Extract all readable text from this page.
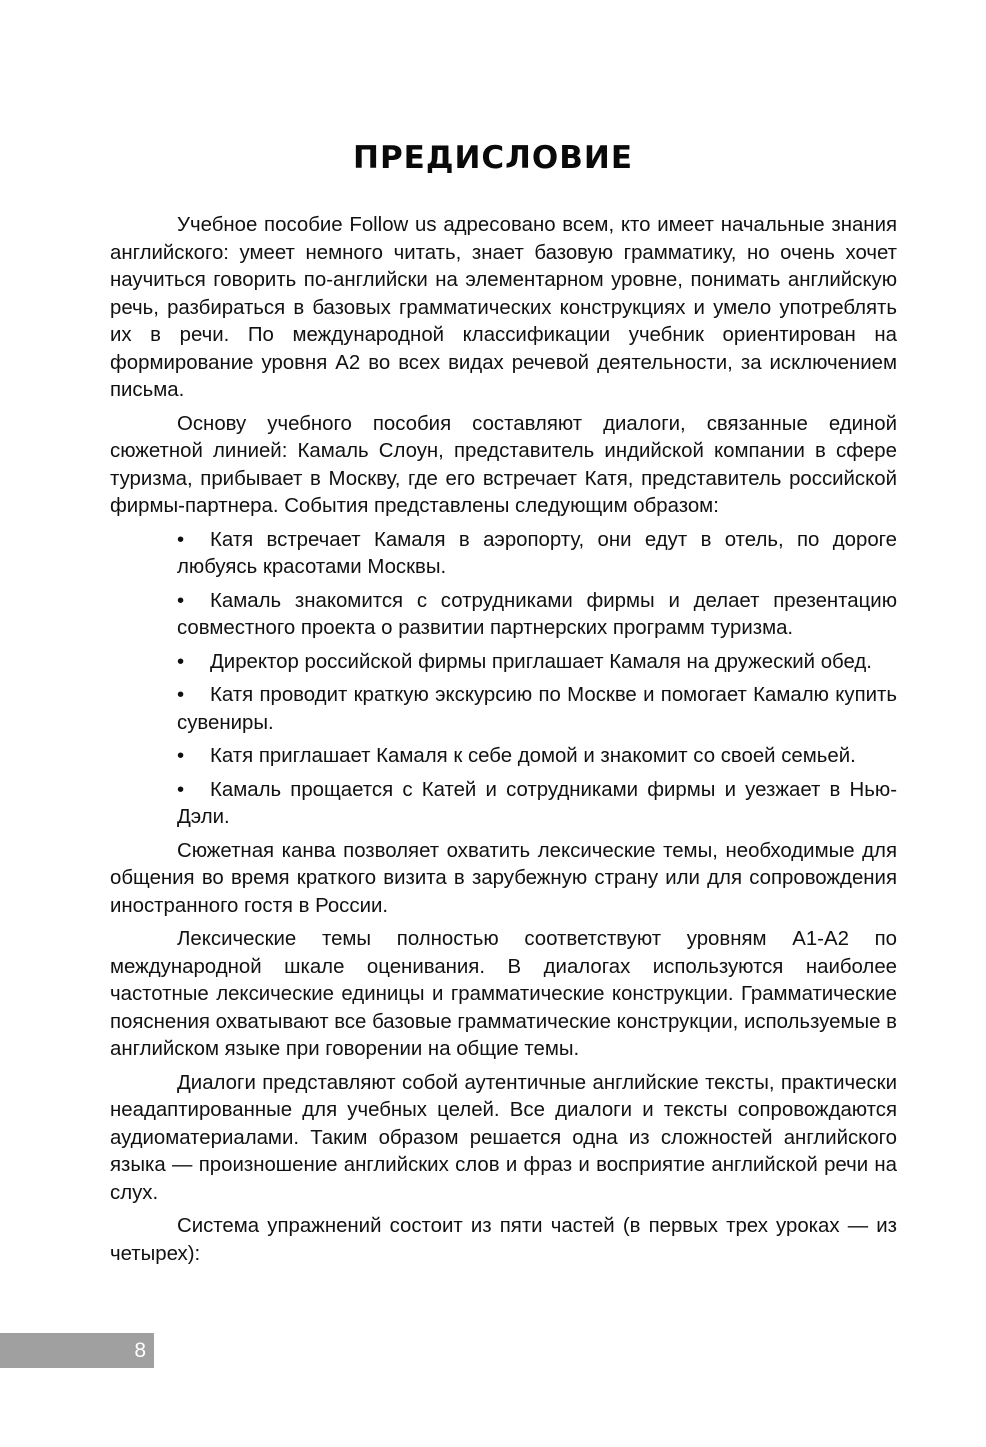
ПРЕДИСЛОВИЕ

Учебное пособие Follow us адресовано всем, кто имеет начальные знания английского: умеет немного читать, знает базовую грамматику, но очень хочет научиться говорить по-английски на элементарном уровне, понимать английскую речь, разбираться в базовых грамматических конструкциях и умело употреблять их в речи. По международной классификации учебник ориентирован на формирование уровня А2 во всех видах речевой деятельности, за исключением письма.

Основу учебного пособия составляют диалоги, связанные единой сюжетной линией: Камаль Слоун, представитель индийской компании в сфере туризма, прибывает в Москву, где его встречает Катя, представитель российской фирмы-партнера. События представлены следующим образом:

• Катя встречает Камаля в аэропорту, они едут в отель, по дороге любуясь красотами Москвы.
• Камаль знакомится с сотрудниками фирмы и делает презентацию совместного проекта о развитии партнерских программ туризма.
• Директор российской фирмы приглашает Камаля на дружеский обед.
• Катя проводит краткую экскурсию по Москве и помогает Камалю купить сувениры.
• Катя приглашает Камаля к себе домой и знакомит со своей семьей.
• Камаль прощается с Катей и сотрудниками фирмы и уезжает в Нью-Дэли.

Сюжетная канва позволяет охватить лексические темы, необходимые для общения во время краткого визита в зарубежную страну или для сопровождения иностранного гостя в России.

Лексические темы полностью соответствуют уровням А1-А2 по международной шкале оценивания. В диалогах используются наиболее частотные лексические единицы и грамматические конструкции. Грамматические пояснения охватывают все базовые грамматические конструкции, используемые в английском языке при говорении на общие темы.

Диалоги представляют собой аутентичные английские тексты, практически неадаптированные для учебных целей. Все диалоги и тексты сопровождаются аудиоматериалами. Таким образом решается одна из сложностей английского языка — произношение английских слов и фраз и восприятие английской речи на слух.

Система упражнений состоит из пяти частей (в первых трех уроках — из четырех):

8
